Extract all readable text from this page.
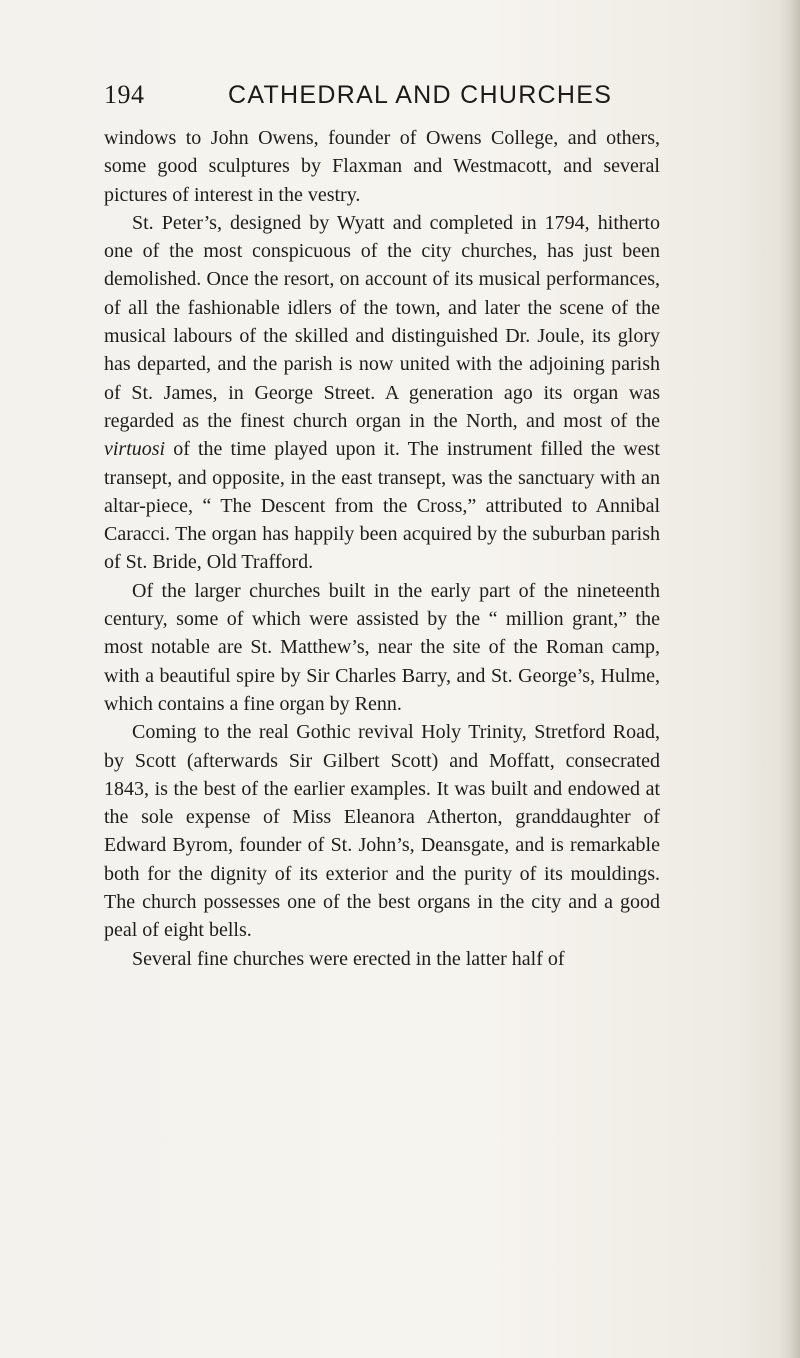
194	CATHEDRAL AND CHURCHES

windows to John Owens, founder of Owens College, and others, some good sculptures by Flaxman and Westmacott, and several pictures of interest in the vestry.

St. Peter’s, designed by Wyatt and completed in 1794, hitherto one of the most conspicuous of the city churches, has just been demolished. Once the resort, on account of its musical performances, of all the fashionable idlers of the town, and later the scene of the musical labours of the skilled and distinguished Dr. Joule, its glory has departed, and the parish is now united with the adjoining parish of St. James, in George Street. A generation ago its organ was regarded as the finest church organ in the North, and most of the virtuosi of the time played upon it. The instrument filled the west transept, and opposite, in the east transept, was the sanctuary with an altar-piece, “ The Descent from the Cross,” attributed to Annibal Caracci. The organ has happily been acquired by the suburban parish of St. Bride, Old Trafford.

Of the larger churches built in the early part of the nineteenth century, some of which were assisted by the “ million grant,” the most notable are St. Matthew’s, near the site of the Roman camp, with a beautiful spire by Sir Charles Barry, and St. George’s, Hulme, which contains a fine organ by Renn.

Coming to the real Gothic revival Holy Trinity, Stretford Road, by Scott (afterwards Sir Gilbert Scott) and Moffatt, consecrated 1843, is the best of the earlier examples. It was built and endowed at the sole expense of Miss Eleanora Atherton, granddaughter of Edward Byrom, founder of St. John’s, Deansgate, and is remarkable both for the dignity of its exterior and the purity of its mouldings. The church possesses one of the best organs in the city and a good peal of eight bells.

Several fine churches were erected in the latter half of
